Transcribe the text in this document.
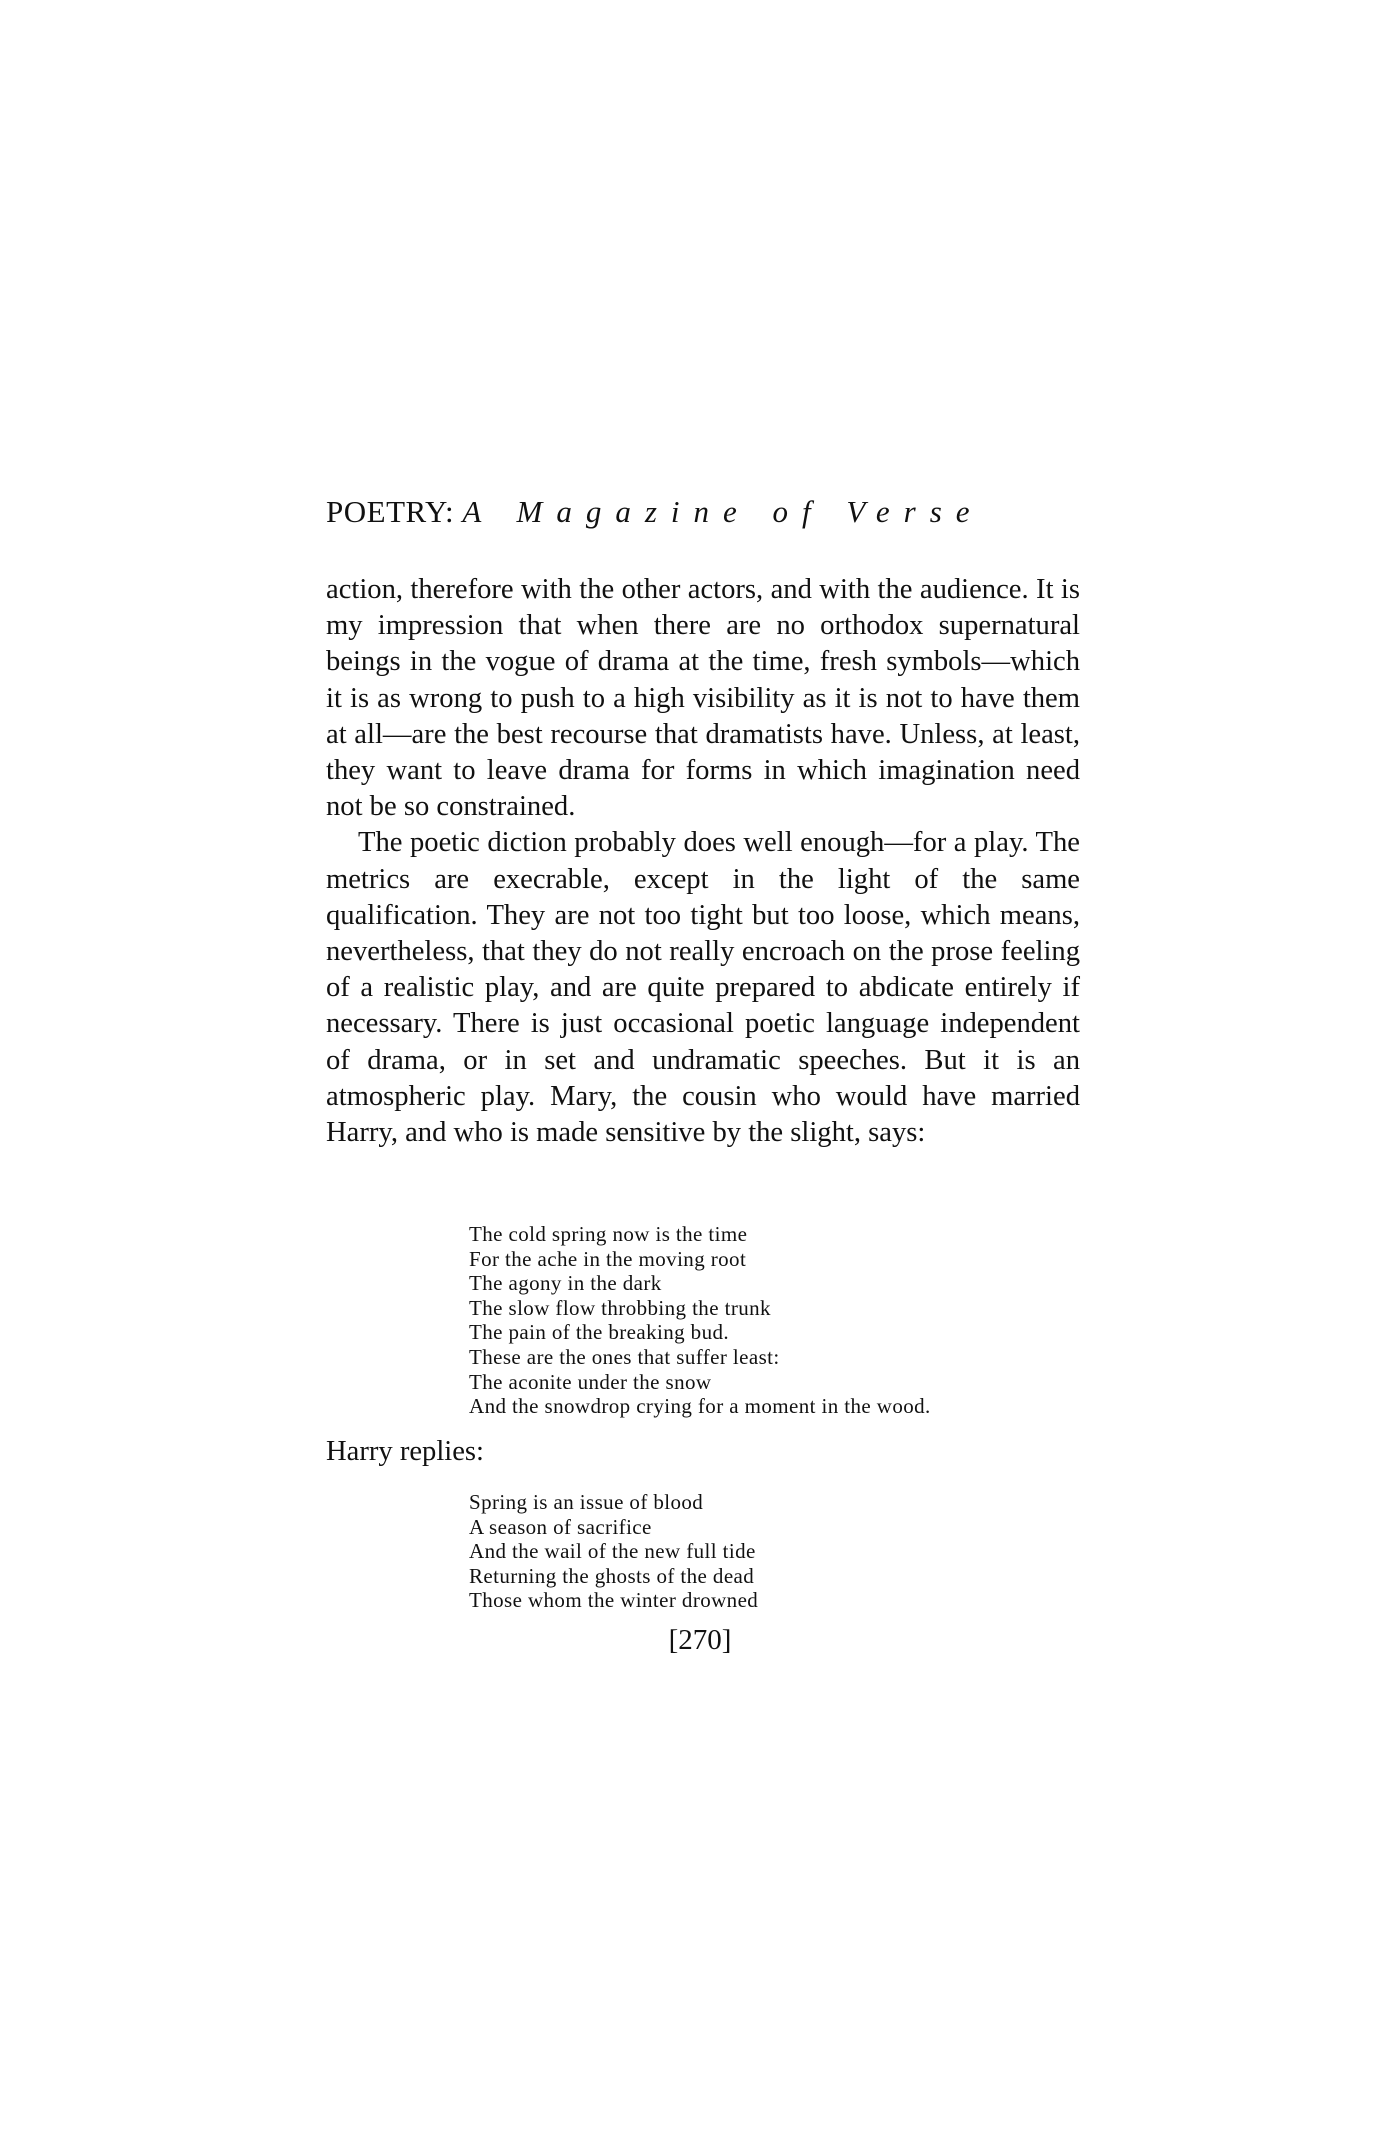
POETRY: A Magazine of Verse

action, therefore with the other actors, and with the audience. It is my impression that when there are no orthodox supernatural beings in the vogue of drama at the time, fresh symbols—which it is as wrong to push to a high visibility as it is not to have them at all—are the best recourse that dramatists have. Unless, at least, they want to leave drama for forms in which imagination need not be so constrained.

The poetic diction probably does well enough—for a play. The metrics are execrable, except in the light of the same qualification. They are not too tight but too loose, which means, nevertheless, that they do not really encroach on the prose feeling of a realistic play, and are quite prepared to abdicate entirely if necessary. There is just occasional poetic language independent of drama, or in set and undramatic speeches. But it is an atmospheric play. Mary, the cousin who would have married Harry, and who is made sensitive by the slight, says:

The cold spring now is the time
For the ache in the moving root
The agony in the dark
The slow flow throbbing the trunk
The pain of the breaking bud.
These are the ones that suffer least:
The aconite under the snow
And the snowdrop crying for a moment in the wood.
Harry replies:
Spring is an issue of blood
A season of sacrifice
And the wail of the new full tide
Returning the ghosts of the dead
Those whom the winter drowned
[270]
